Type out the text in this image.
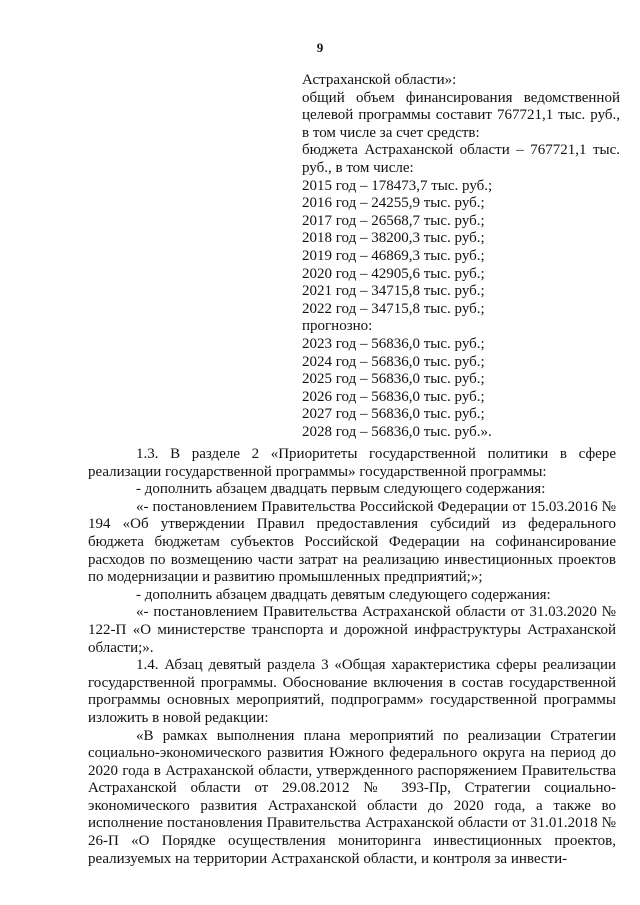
9
Астраханской области»:
общий объем финансирования ведомственной целевой программы составит 767721,1 тыс. руб., в том числе за счет средств:
бюджета Астраханской области – 767721,1 тыс. руб., в том числе:
2015 год – 178473,7 тыс. руб.;
2016 год – 24255,9 тыс. руб.;
2017 год – 26568,7 тыс. руб.;
2018 год – 38200,3 тыс. руб.;
2019 год – 46869,3 тыс. руб.;
2020 год – 42905,6 тыс. руб.;
2021 год – 34715,8 тыс. руб.;
2022 год – 34715,8 тыс. руб.;
прогнозно:
2023 год – 56836,0 тыс. руб.;
2024 год – 56836,0 тыс. руб.;
2025 год – 56836,0 тыс. руб.;
2026 год – 56836,0 тыс. руб.;
2027 год – 56836,0 тыс. руб.;
2028 год – 56836,0 тыс. руб.».

1.3. В разделе 2 «Приоритеты государственной политики в сфере реализации государственной программы» государственной программы:

- дополнить абзацем двадцать первым следующего содержания:

«- постановлением Правительства Российской Федерации от 15.03.2016 № 194 «Об утверждении Правил предоставления субсидий из федерального бюджета бюджетам субъектов Российской Федерации на софинансирование расходов по возмещению части затрат на реализацию инвестиционных проектов по модернизации и развитию промышленных предприятий;»;

- дополнить абзацем двадцать девятым следующего содержания:

«- постановлением Правительства Астраханской области от 31.03.2020 № 122-П «О министерстве транспорта и дорожной инфраструктуры Астраханской области;».

1.4. Абзац девятый раздела 3 «Общая характеристика сферы реализации государственной программы. Обоснование включения в состав государственной программы основных мероприятий, подпрограмм» государственной программы изложить в новой редакции:

«В рамках выполнения плана мероприятий по реализации Стратегии социально-экономического развития Южного федерального округа на период до 2020 года в Астраханской области, утвержденного распоряжением Правительства Астраханской области от 29.08.2012 № 393-Пр, Стратегии социально-экономического развития Астраханской области до 2020 года, а также во исполнение постановления Правительства Астраханской области от 31.01.2018 № 26-П «О Порядке осуществления мониторинга инвестиционных проектов, реализуемых на территории Астраханской области, и контроля за инвести-
